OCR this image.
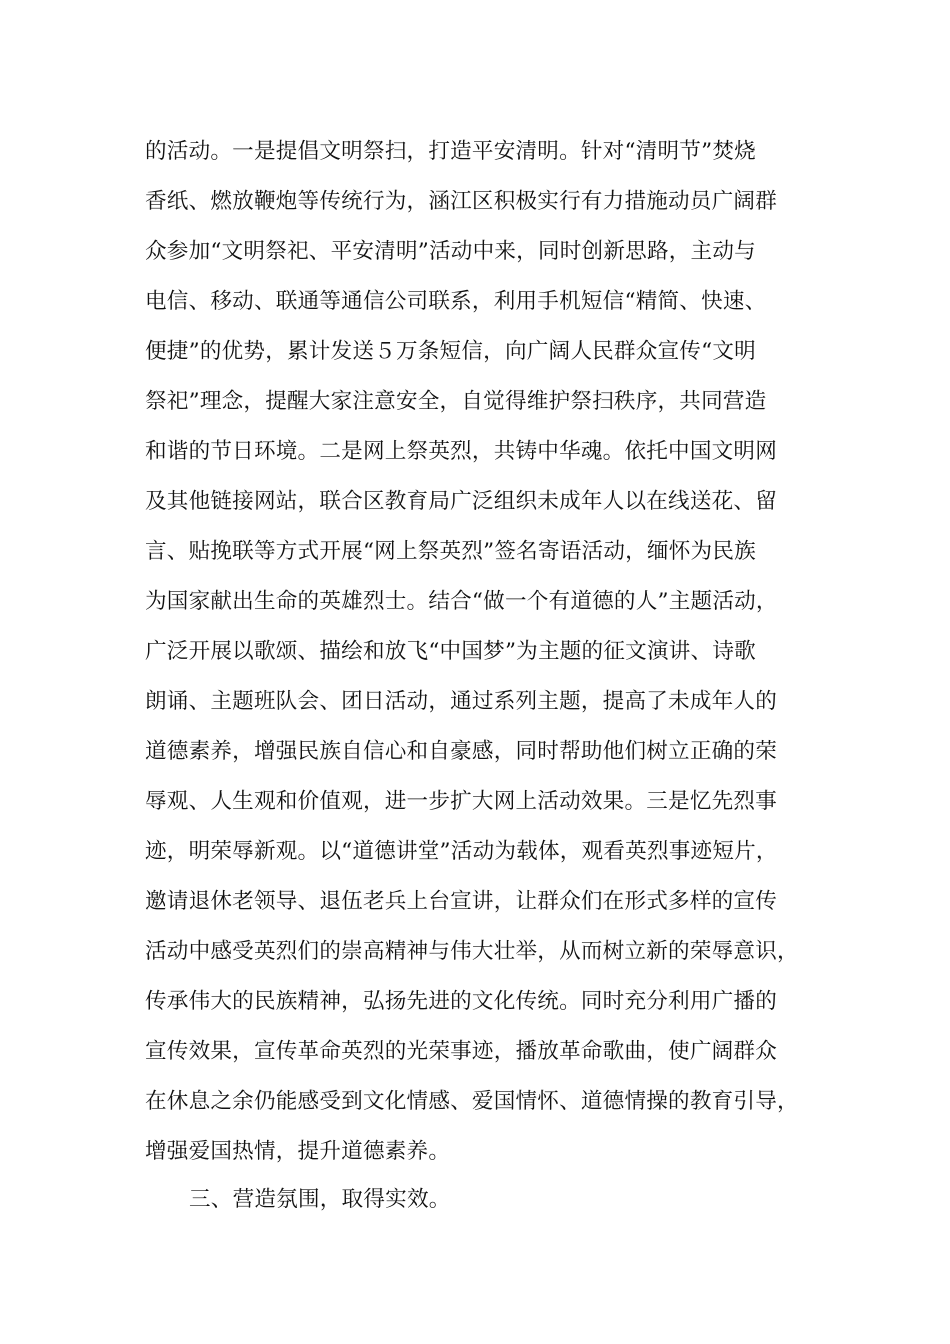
的活动。一是提倡文明祭扫，打造平安清明。针对“清明节”焚烧
香纸、燃放鞭炮等传统行为，涵江区积极实行有力措施动员广阔群
众参加“文明祭祀、平安清明”活动中来，同时创新思路，主动与
电信、移动、联通等通信公司联系，利用手机短信“精简、快速、
便捷”的优势，累计发送５万条短信，向广阔人民群众宣传“文明
祭祀”理念，提醒大家注意安全，自觉得维护祭扫秩序，共同营造
和谐的节日环境。二是网上祭英烈，共铸中华魂。依托中国文明网
及其他链接网站，联合区教育局广泛组织未成年人以在线送花、留
言、贴挽联等方式开展“网上祭英烈”签名寄语活动，缅怀为民族
为国家献出生命的英雄烈士。结合“做一个有道德的人”主题活动，
广泛开展以歌颂、描绘和放飞“中国梦”为主题的征文演讲、诗歌
朗诵、主题班队会、团日活动，通过系列主题，提高了未成年人的
道德素养，增强民族自信心和自豪感，同时帮助他们树立正确的荣
辱观、人生观和价值观，进一步扩大网上活动效果。三是忆先烈事
迹，明荣辱新观。以“道德讲堂”活动为载体，观看英烈事迹短片，
邀请退休老领导、退伍老兵上台宣讲，让群众们在形式多样的宣传
活动中感受英烈们的崇高精神与伟大壮举，从而树立新的荣辱意识，
传承伟大的民族精神，弘扬先进的文化传统。同时充分利用广播的
宣传效果，宣传革命英烈的光荣事迹，播放革命歌曲，使广阔群众
在休息之余仍能感受到文化情感、爱国情怀、道德情操的教育引导，
增强爱国热情，提升道德素养。
三、营造氛围，取得实效。
